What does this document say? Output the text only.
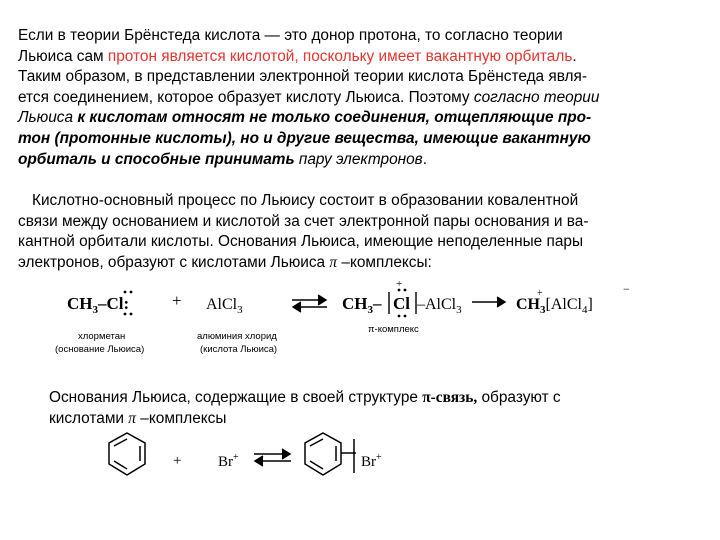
Если в теории Брёнстеда кислота — это донор протона, то согласно теории
Льюиса сам протон является кислотой, поскольку имеет вакантную орбиталь.
Таким образом, в представлении электронной теории кислота Брёнстеда явля-
ется соединением, которое образует кислоту Льюиса. Поэтому согласно теории
Льюиса к кислотам относят не только соединения, отщепляющие про-
тон (протонные кислоты), но и другие вещества, имеющие вакантную
орбиталь и способные принимать пару электронов.
Кислотно-основный процесс по Льюису состоит в образовании ковалентной
связи между основанием и кислотой за счет электронной пары основания и ва-
кантной орбитали кислоты. Основания Льюиса, имеющие неподеленные пары
электронов, образуют с кислотами Льюиса π –комплексы:
$CH_3-Cl$:	+ AlCl$_3$	$CH_3-$ Cl
+
–AlCl$_3$	$CH_3[AlCl_4]$
+	−
хлорметан
(основание Льюиса)
алюминия хлорид
(кислота Льюиса)
π-комплекс
+ Br+	Br+
Основания Льюиса, содержащие в своей структуре π-связь, образуют с
кислотами π –комплексы
